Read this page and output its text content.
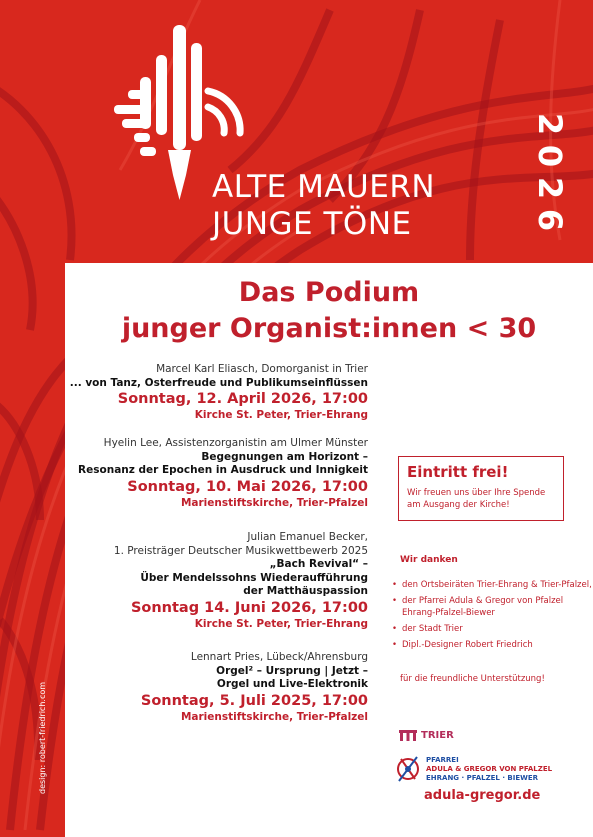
ALTE MAUERN
JUNGE TÖNE
2
0
2
6
Das Podium
junger Organist:innen < 30
Marcel Karl Eliasch, Domorganist in Trier
... von Tanz, Osterfreude und Publikumseinflüssen
Sonntag, 12. April 2026, 17:00
Kirche St. Peter, Trier-Ehrang
Hyelin Lee, Assistenzorganistin am Ulmer Münster
Begegnungen am Horizont –
Resonanz der Epochen in Ausdruck und Innigkeit
Sonntag, 10. Mai 2026, 17:00
Marienstiftskirche, Trier-Pfalzel
Julian Emanuel Becker,
1. Preisträger Deutscher Musikwettbewerb 2025
„Bach Revival“ –
Über Mendelssohns Wiederaufführung
der Matthäuspassion
Sonntag 14. Juni 2026, 17:00
Kirche St. Peter, Trier-Ehrang
Lennart Pries, Lübeck/Ahrensburg
Orgel² – Ursprung | Jetzt –
Orgel und Live-Elektronik
Sonntag, 5. Juli 2025, 17:00
Marienstiftskirche, Trier-Pfalzel
Eintritt frei!
Wir freuen uns über Ihre Spende am Ausgang der Kirche!
Wir danken
• den Ortsbeiräten Trier-Ehrang & Trier-Pfalzel,
• der Pfarrei Adula & Gregor von Pfalzel Ehrang-Pfalzel-Biewer
• der Stadt Trier
• Dipl.-Designer Robert Friedrich
für die freundliche Unterstützung!
TRIER
PFARREI
ADULA & GREGOR VON PFALZEL
EHRANG · PFALZEL · BIEWER
adula-gregor.de
design: robert-friedrich.com
